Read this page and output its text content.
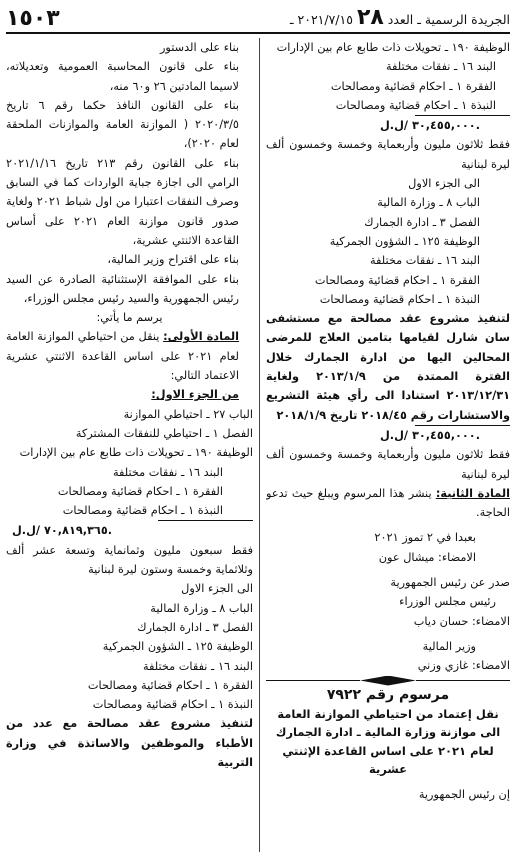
الجريدة الرسمية ـ العدد ٢٨ ٢٠٢١/٧/١٥ ـ
١٥٠٣
الوظيفة ١٩٠ ـ تحويلات ذات طابع عام بين الإدارات
البند ١٦ ـ نفقات مختلفة
الفقرة ١ ـ احكام قضائية ومصالحات
النبذة ١ ـ احكام قضائية ومصالحات
٣٠,٤٥٥,٠٠٠ /ل.ل.
فقط ثلاثون مليون وأربعماية وخمسة وخمسون ألف ليرة لبنانية
الى الجزء الاول
الباب ٨ ـ وزارة المالية
الفصل ٣ ـ ادارة الجمارك
الوظيفة ١٢٥ ـ الشؤون الجمركية
البند ١٦ ـ نفقات مختلفة
الفقرة ١ ـ احكام قضائية ومصالحات
النبذة ١ ـ احكام قضائية ومصالحات
لتنفيذ مشروع عقد مصالحة مع مستشفى سان شارل لقيامها بتامين العلاج للمرضى المحالين اليها من ادارة الجمارك خلال الفترة الممتدة من ٢٠١٣/١/٩ ولغاية ٢٠١٣/١٢/٣١ استنادا الى رأي هيئة التشريع والاستشارات رقم ٢٠١٨/٤٥ تاريخ ٢٠١٨/١/٩
٣٠,٤٥٥,٠٠٠ /ل.ل.
فقط ثلاثون مليون وأربعماية وخمسة وخمسون ألف ليرة لبنانية
المادة الثانية: ينشر هذا المرسوم ويبلغ حيث تدعو الحاجة.
بعبدا في ٢ تموز ٢٠٢١
الامضاء: ميشال عون
صدر عن رئيس الجمهورية
رئيس مجلس الوزراء
الامضاء: حسان دياب
وزير المالية
الامضاء: غازي وزني
مرسوم رقم ٧٩٢٢
نقل إعتماد من احتياطي الموازنة العامة
الى موازنة وزارة المالية ـ ادارة الجمارك
لعام ٢٠٢١ على اساس القاعدة الإثنتي عشرية
إن رئيس الجمهورية
بناء على الدستور
بناء على قانون المحاسبة العمومية وتعديلاته، لاسيما المادتين ٢٦ و٦٠ منه،
بناء على القانون النافذ حكما رقم ٦ تاريخ ٢٠٢٠/٣/٥ ( الموازنة العامة والموازنات الملحقة لعام ٢٠٢٠)،
بناء على القانون رقم ٢١٣ تاريخ ٢٠٢١/١/١٦ الرامي الى اجازة جباية الواردات كما في السابق وصرف النفقات اعتبارا من اول شباط ٢٠٢١ ولغاية صدور قانون موازنة العام ٢٠٢١ على أساس القاعدة الاثنتي عشرية،
بناء على اقتراح وزير المالية،
بناء على الموافقة الإستثنائية الصادرة عن السيد رئيس الجمهورية والسيد رئيس مجلس الوزراء،
يرسم ما يأتي:
المادة الأولى: ينقل من احتياطي الموازنة العامة لعام ٢٠٢١ على اساس القاعدة الاثنتي عشرية الاعتماد التالي:
من الجزء الاول:
الباب ٢٧ ـ احتياطي الموازنة
الفصل ١ ـ احتياطي للنفقات المشتركة
الوظيفة ١٩٠ ـ تحويلات ذات طابع عام بين الإدارات
البند ١٦ ـ نفقات مختلفة
الفقرة ١ ـ احكام قضائية ومصالحات
النبذة ١ ـ احكام قضائية ومصالحات
٧٠,٨١٩,٣٦٥ /ل.ل.
فقط سبعون مليون وثمانماية وتسعة عشر ألف وثلاثماية وخمسة وستون ليرة لبنانية
الى الجزء الاول
الباب ٨ ـ وزارة المالية
الفصل ٣ ـ ادارة الجمارك
الوظيفة ١٢٥ ـ الشؤون الجمركية
البند ١٦ ـ نفقات مختلفة
الفقرة ١ ـ احكام قضائية ومصالحات
النبذة ١ ـ احكام قضائية ومصالحات
لتنفيذ مشروع عقد مصالحة مع عدد من الأطباء والموظفين والاساتذة في وزارة التربية
